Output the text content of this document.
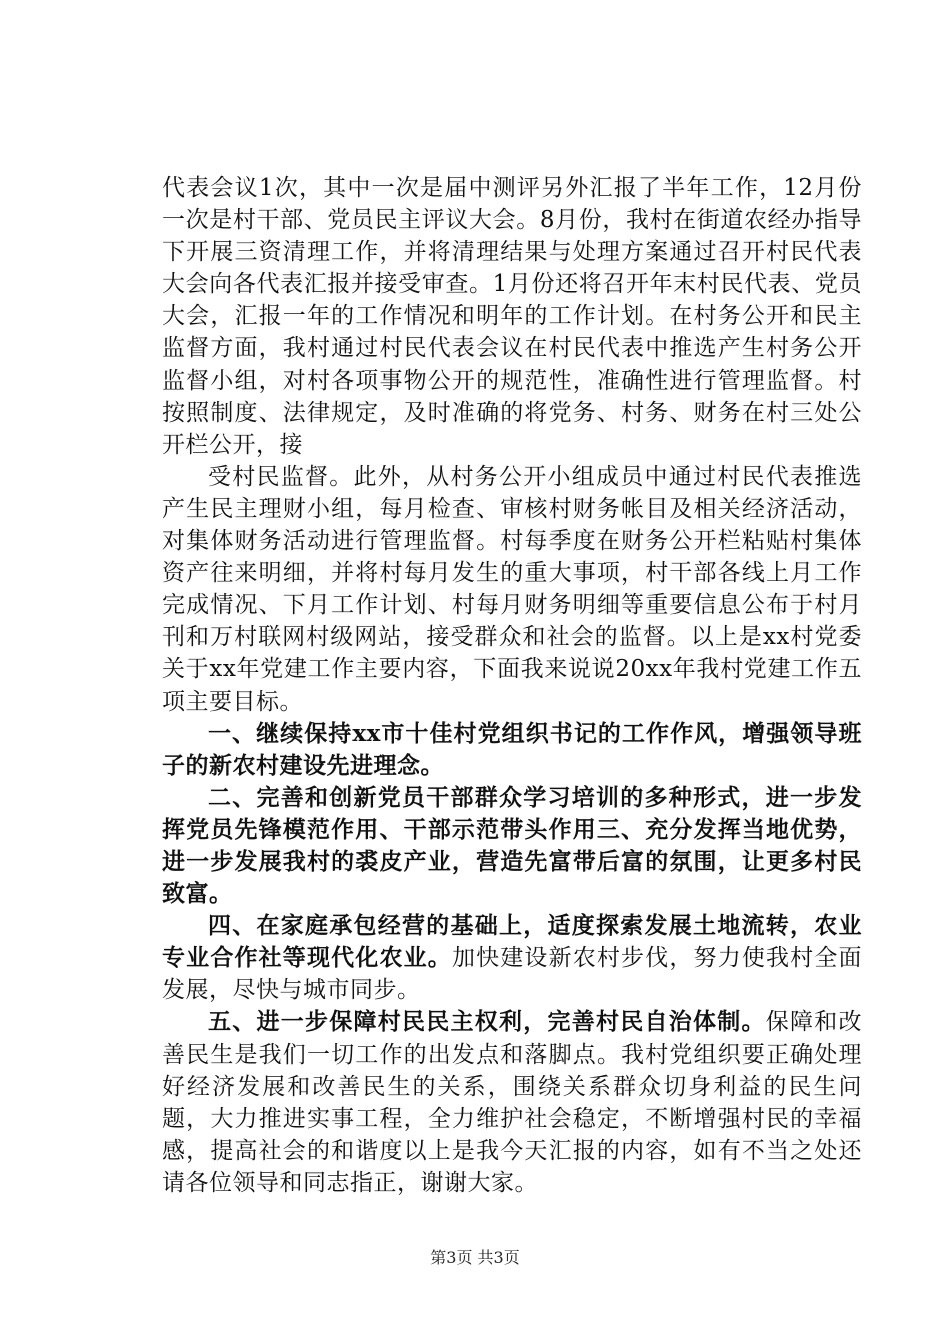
代表会议1次，其中一次是届中测评另外汇报了半年工作，12月份一次是村干部、党员民主评议大会。8月份，我村在街道农经办指导下开展三资清理工作，并将清理结果与处理方案通过召开村民代表大会向各代表汇报并接受审查。1月份还将召开年末村民代表、党员大会，汇报一年的工作情况和明年的工作计划。在村务公开和民主监督方面，我村通过村民代表会议在村民代表中推选产生村务公开监督小组，对村各项事物公开的规范性，准确性进行管理监督。村按照制度、法律规定，及时准确的将党务、村务、财务在村三处公开栏公开，接

受村民监督。此外，从村务公开小组成员中通过村民代表推选产生民主理财小组，每月检查、审核村财务帐目及相关经济活动，对集体财务活动进行管理监督。村每季度在财务公开栏粘贴村集体资产往来明细，并将村每月发生的重大事项，村干部各线上月工作完成情况、下月工作计划、村每月财务明细等重要信息公布于村月刊和万村联网村级网站，接受群众和社会的监督。以上是xx村党委关于xx年党建工作主要内容，下面我来说说20xx年我村党建工作五项主要目标。

一、继续保持xx市十佳村党组织书记的工作作风，增强领导班子的新农村建设先进理念。

二、完善和创新党员干部群众学习培训的多种形式，进一步发挥党员先锋模范作用、干部示范带头作用三、充分发挥当地优势，进一步发展我村的裘皮产业，营造先富带后富的氛围，让更多村民致富。

四、在家庭承包经营的基础上，适度探索发展土地流转，农业专业合作社等现代化农业。加快建设新农村步伐，努力使我村全面发展，尽快与城市同步。

五、进一步保障村民民主权利，完善村民自治体制。保障和改善民生是我们一切工作的出发点和落脚点。我村党组织要正确处理好经济发展和改善民生的关系，围绕关系群众切身利益的民生问题，大力推进实事工程，全力维护社会稳定，不断增强村民的幸福感，提高社会的和谐度以上是我今天汇报的内容，如有不当之处还请各位领导和同志指正，谢谢大家。

第3页 共3页
